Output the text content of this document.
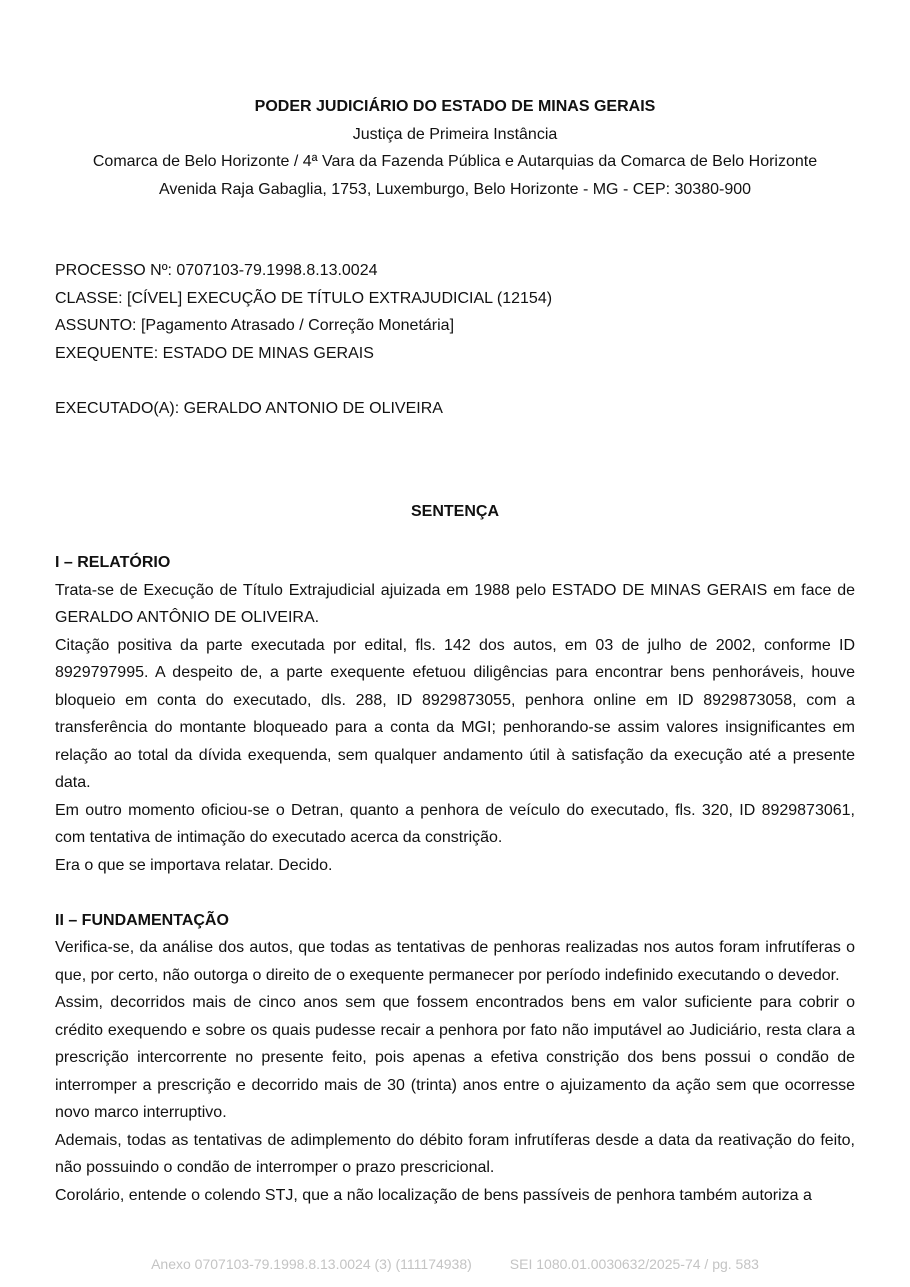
PODER JUDICIÁRIO DO ESTADO DE MINAS GERAIS
Justiça de Primeira Instância
Comarca de Belo Horizonte / 4ª Vara da Fazenda Pública e Autarquias da Comarca de Belo Horizonte
Avenida Raja Gabaglia, 1753, Luxemburgo, Belo Horizonte - MG - CEP: 30380-900
PROCESSO Nº: 0707103-79.1998.8.13.0024
CLASSE: [CÍVEL] EXECUÇÃO DE TÍTULO EXTRAJUDICIAL (12154)
ASSUNTO: [Pagamento Atrasado / Correção Monetária]
EXEQUENTE: ESTADO DE MINAS GERAIS
EXECUTADO(A): GERALDO ANTONIO DE OLIVEIRA
SENTENÇA

I – RELATÓRIO

Trata-se de Execução de Título Extrajudicial ajuizada em 1988 pelo ESTADO DE MINAS GERAIS em face de GERALDO ANTÔNIO DE OLIVEIRA.

Citação positiva da parte executada por edital, fls. 142 dos autos, em 03 de julho de 2002, conforme ID 8929797995. A despeito de, a parte exequente efetuou diligências para encontrar bens penhoráveis, houve bloqueio em conta do executado, dls. 288, ID 8929873055, penhora online em ID 8929873058, com a transferência do montante bloqueado para a conta da MGI; penhorando-se assim valores insignificantes em relação ao total da dívida exequenda, sem qualquer andamento útil à satisfação da execução até a presente data.

Em outro momento oficiou-se o Detran, quanto a penhora de veículo do executado, fls. 320, ID 8929873061, com tentativa de intimação do executado acerca da constrição.

Era o que se importava relatar. Decido.

II – FUNDAMENTAÇÃO

Verifica-se, da análise dos autos, que todas as tentativas de penhoras realizadas nos autos foram infrutíferas o que, por certo, não outorga o direito de o exequente permanecer por período indefinido executando o devedor.

Assim, decorridos mais de cinco anos sem que fossem encontrados bens em valor suficiente para cobrir o crédito exequendo e sobre os quais pudesse recair a penhora por fato não imputável ao Judiciário, resta clara a prescrição intercorrente no presente feito, pois apenas a efetiva constrição dos bens possui o condão de interromper a prescrição e decorrido mais de 30 (trinta) anos entre o ajuizamento da ação sem que ocorresse novo marco interruptivo.

Ademais, todas as tentativas de adimplemento do débito foram infrutíferas desde a data da reativação do feito, não possuindo o condão de interromper o prazo prescricional.

Corolário, entende o colendo STJ, que a não localização de bens passíveis de penhora também autoriza a

Anexo 0707103-79.1998.8.13.0024 (3) (111174938)	SEI 1080.01.0030632/2025-74 / pg. 583
